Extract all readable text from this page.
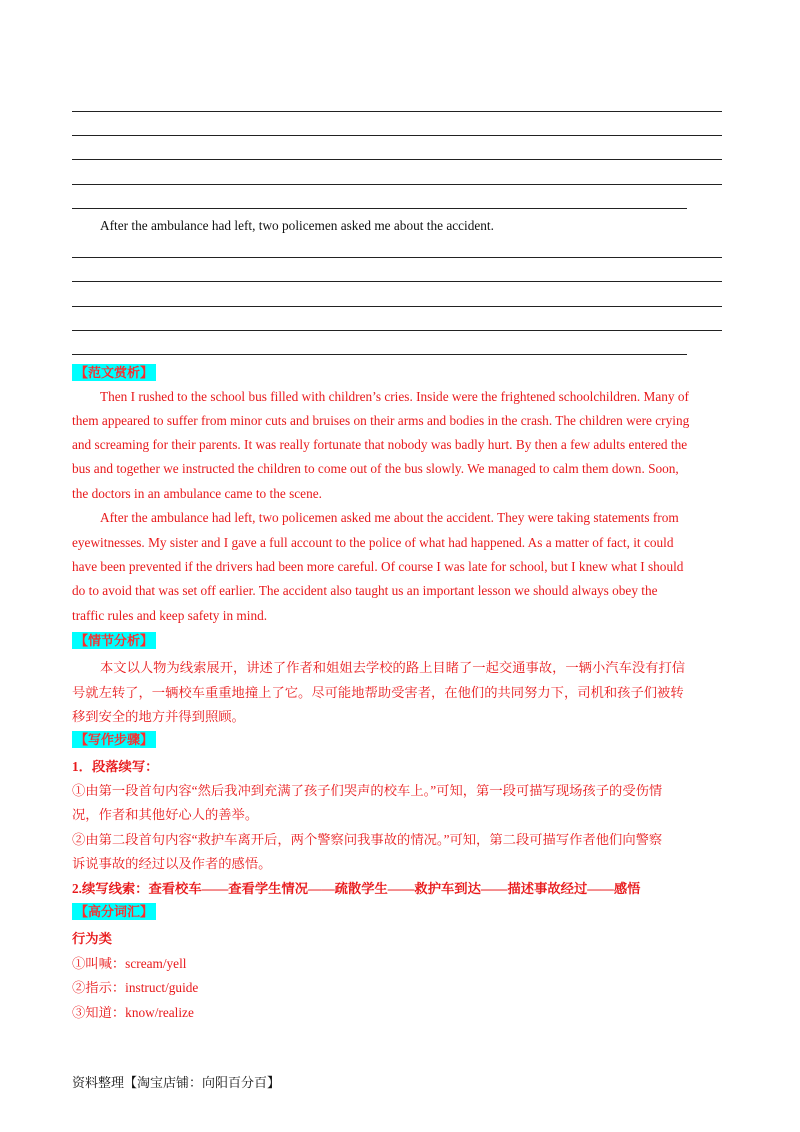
After the ambulance had left, two policemen asked me about the accident.
【范文赏析】
Then I rushed to the school bus filled with children’s cries. Inside were the frightened schoolchildren. Many of
them appeared to suffer from minor cuts and bruises on their arms and bodies in the crash. The children were crying
and screaming for their parents. It was really fortunate that nobody was badly hurt. By then a few adults entered the
bus and together we instructed the children to come out of the bus slowly. We managed to calm them down. Soon,
the doctors in an ambulance came to the scene.
After the ambulance had left, two policemen asked me about the accident. They were taking statements from
eyewitnesses. My sister and I gave a full account to the police of what had happened. As a matter of fact, it could
have been prevented if the drivers had been more careful. Of course I was late for school, but I knew what I should
do to avoid that was set off earlier. The accident also taught us an important lesson we should always obey the
traffic rules and keep safety in mind.
【情节分析】
本文以人物为线索展开，讲述了作者和姐姐去学校的路上目睹了一起交通事故，一辆小汽车没有打信
号就左转了，一辆校车重重地撞上了它。尽可能地帮助受害者，在他们的共同努力下，司机和孩子们被转
移到安全的地方并得到照顾。
【写作步骤】
1．段落续写：
①由第一段首句内容“然后我冲到充满了孩子们哭声的校车上。”可知，第一段可描写现场孩子的受伤情
况，作者和其他好心人的善举。
②由第二段首句内容“救护车离开后，两个警察问我事故的情况。”可知，第二段可描写作者他们向警察
诉说事故的经过以及作者的感悟。
2.续写线索：查看校车——查看学生情况——疏散学生——救护车到达——描述事故经过——感悟
【高分词汇】
行为类
①叫喊：scream/yell
②指示：instruct/guide
③知道：know/realize
资料整理【淘宝店铺：向阳百分百】
